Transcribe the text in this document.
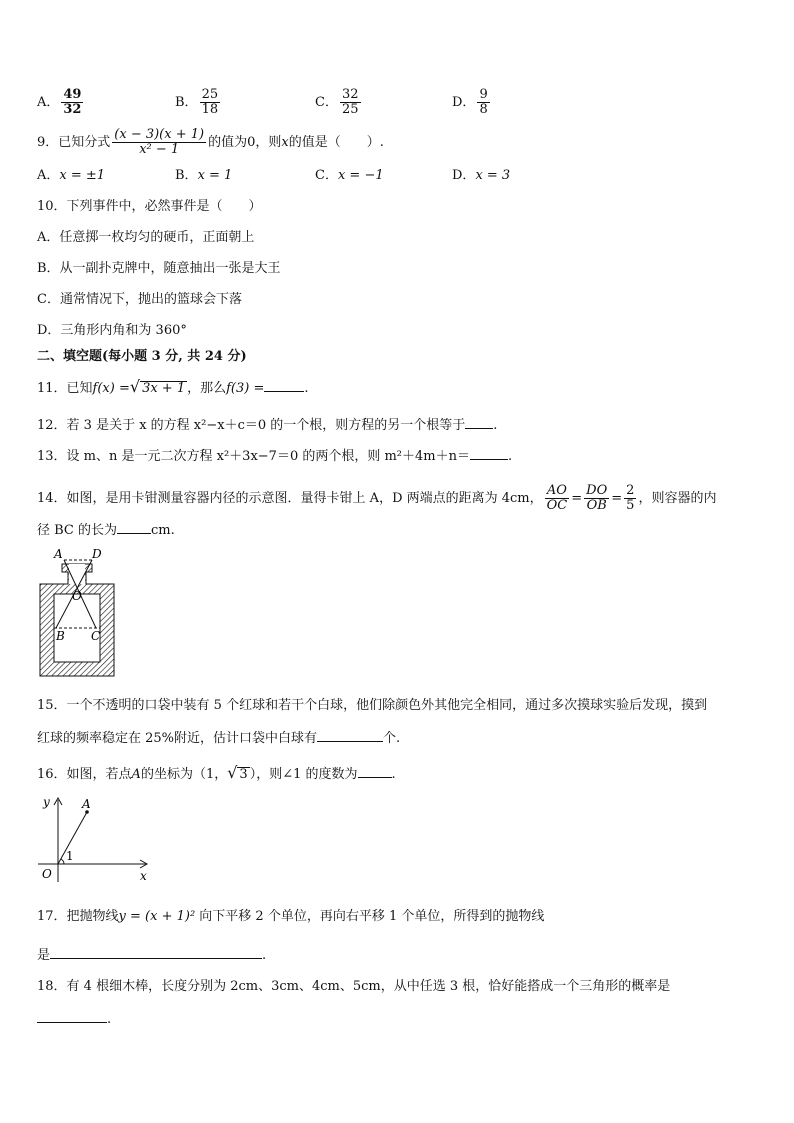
A． $\frac{49}{32}$	B． $\frac{25}{18}$	C． $\frac{32}{25}$	D． $\frac{9}{8}$
9．已知分式 $\frac{(x - 3)(x + 1)}{\text{x² − 1}}$ 的值为0，则x的值是（　　）.
A．x = ±1	B．x = 1	C．x = −1	D．x = 3
10．下列事件中，必然事件是（　　）
A．任意掷一枚均匀的硬币，正面朝上
B．从一副扑克牌中，随意抽出一张是大王
C．通常情况下，抛出的篮球会下落
D．三角形内角和为 360°
二、填空题(每小题 3 分, 共 24 分)
11．已知f(x) =√ 3x + 1 ，那么f(3) =	.
12．若 3 是关于 x 的方程 x²−x＋c＝0 的一个根，则方程的另一个根等于 .
13．设 m、n 是一元二次方程 x²＋3x−7＝0 的两个根，则 m²＋4m＋n＝	.
14．如图，是用卡钳测量容器内径的示意图．量得卡钳上 A，D 两端点的距离为 4cm， $\frac{AO}{OC} = \frac{DO}{OB} = \frac{2}{5}$ ，则容器的内
径 BC 的长为	cm.
A D
O
B C
15．一个不透明的口袋中装有 5 个红球和若干个白球，他们除颜色外其他完全相同，通过多次摸球实验后发现，摸到
红球的频率稳定在 25%附近，估计口袋中白球有	个.
16．如图，若点A的坐标为（1，√ 3 ），则∠1 的度数为	.
y	A
1
O	x
17．把抛物线y = (x + 1)² 向下平移 2 个单位，再向右平移 1 个单位，所得到的抛物线
是	.
18．有 4 根细木棒，长度分别为 2cm、3cm、4cm、5cm，从中任选 3 根，恰好能搭成一个三角形的概率是
.
